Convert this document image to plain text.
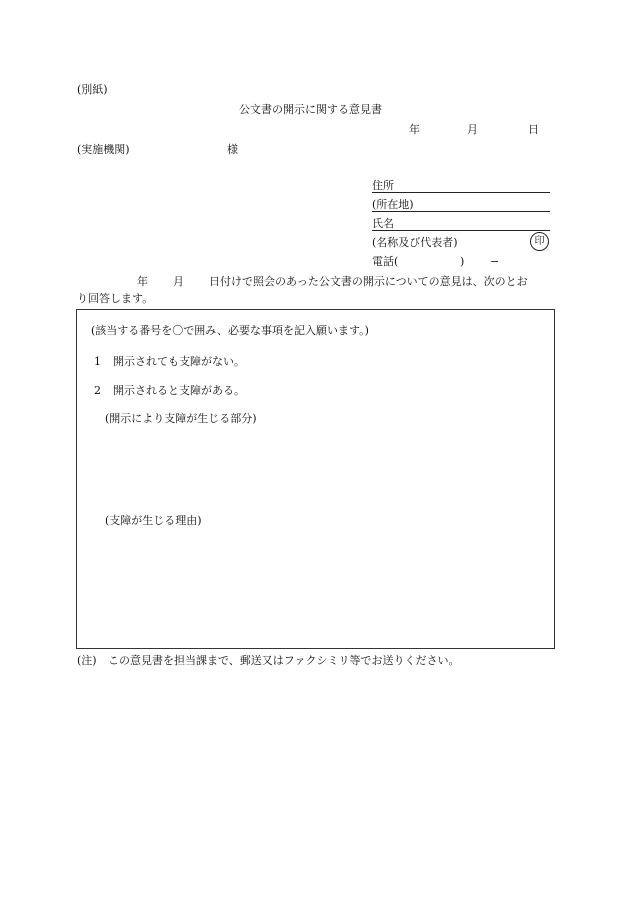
(別紙)
公文書の開示に関する意見書
年	月	日
(実施機関)	様
住所
(所在地)
氏名
(名称及び代表者)	印
電話(	) −
年 月 日付けで照会のあった公文書の開示についての意見は、次のとお
り回答します。
(該当する番号を〇で囲み、必要な事項を記入願います。)
1 開示されても支障がない。
2 開示されると支障がある。
(開示により支障が生じる部分)
(支障が生じる理由)
(注) この意見書を担当課まで、郵送又はファクシミリ等でお送りください。
